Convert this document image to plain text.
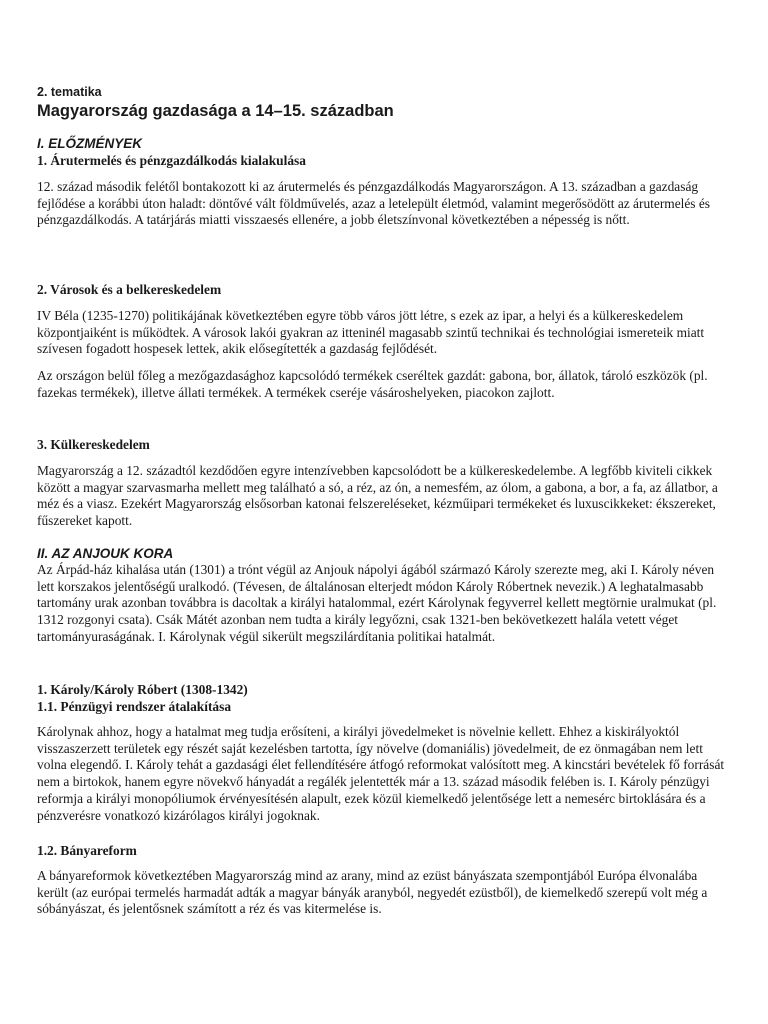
2. tematika
Magyarország gazdasága a 14–15. században
I. ELŐZMÉNYEK
1. Árutermelés és pénzgazdálkodás kialakulása
12. század második felétől bontakozott ki az árutermelés és pénzgazdálkodás Magyarországon. A 13. században a gazdaság fejlődése a korábbi úton haladt: döntővé vált földművelés, azaz a letelepült életmód, valamint megerősödött az árutermelés és pénzgazdálkodás. A tatárjárás miatti visszaesés ellenére, a jobb életszínvonal következtében a népesség is nőtt.
2. Városok és a belkereskedelem
IV Béla (1235-1270) politikájának következtében egyre több város jött létre, s ezek az ipar, a helyi és a külkereskedelem központjaiként is működtek. A városok lakói gyakran az itteninél magasabb szintű technikai és technológiai ismereteik miatt szívesen fogadott hospesek lettek, akik elősegítették a gazdaság fejlődését.
Az országon belül főleg a mezőgazdasághoz kapcsolódó termékek cseréltek gazdát: gabona, bor, állatok, tároló eszközök (pl. fazekas termékek), illetve állati termékek. A termékek cseréje vásároshelyeken, piacokon zajlott.
3. Külkereskedelem
Magyarország a 12. századtól kezdődően egyre intenzívebben kapcsolódott be a külkereskedelembe. A legfőbb kiviteli cikkek között a magyar szarvasmarha mellett meg található a só, a réz, az ón, a nemesfém, az ólom, a gabona, a bor, a fa, az állatbor, a méz és a viasz. Ezekért Magyarország elsősorban katonai felszereléseket, kézműipari termékeket és luxuscikkeket: ékszereket, fűszereket kapott.
II. AZ ANJOUK KORA
Az Árpád-ház kihalása után (1301) a trónt végül az Anjouk nápolyi ágából származó Károly szerezte meg, aki I. Károly néven lett korszakos jelentőségű uralkodó. (Tévesen, de általánosan elterjedt módon Károly Róbertnek nevezik.) A leghatalmasabb tartomány urak azonban továbbra is dacoltak a királyi hatalommal, ezért Károlynak fegyverrel kellett megtörnie uralmukat (pl. 1312 rozgonyi csata). Csák Mátét azonban nem tudta a király legyőzni, csak 1321-ben bekövetkezett halála vetett véget tartományuraságának. I. Károlynak végül sikerült megszilárdítania politikai hatalmát.
1. Károly/Károly Róbert (1308-1342)
1.1. Pénzügyi rendszer átalakítása
Károlynak ahhoz, hogy a hatalmat meg tudja erősíteni, a királyi jövedelmeket is növelnie kellett. Ehhez a kiskirályoktól visszaszerzett területek egy részét saját kezelésben tartotta, így növelve (domaniális) jövedelmeit, de ez önmagában nem lett volna elegendő. I. Károly tehát a gazdasági élet fellendítésére átfogó reformokat valósított meg. A kincstári bevételek fő forrását nem a birtokok, hanem egyre növekvő hányadát a regálék jelentették már a 13. század második felében is. I. Károly pénzügyi reformja a királyi monopóliumok érvényesítésén alapult, ezek közül kiemelkedő jelentősége lett a nemesérc birtoklására és a pénzverésre vonatkozó kizárólagos királyi jogoknak.
1.2. Bányareform
A bányareformok következtében Magyarország mind az arany, mind az ezüst bányászata szempontjából Európa élvonalába került (az európai termelés harmadát adták a magyar bányák aranyból, negyedét ezüstből), de kiemelkedő szerepű volt még a sóbányászat, és jelentősnek számított a réz és vas kitermelése is.
